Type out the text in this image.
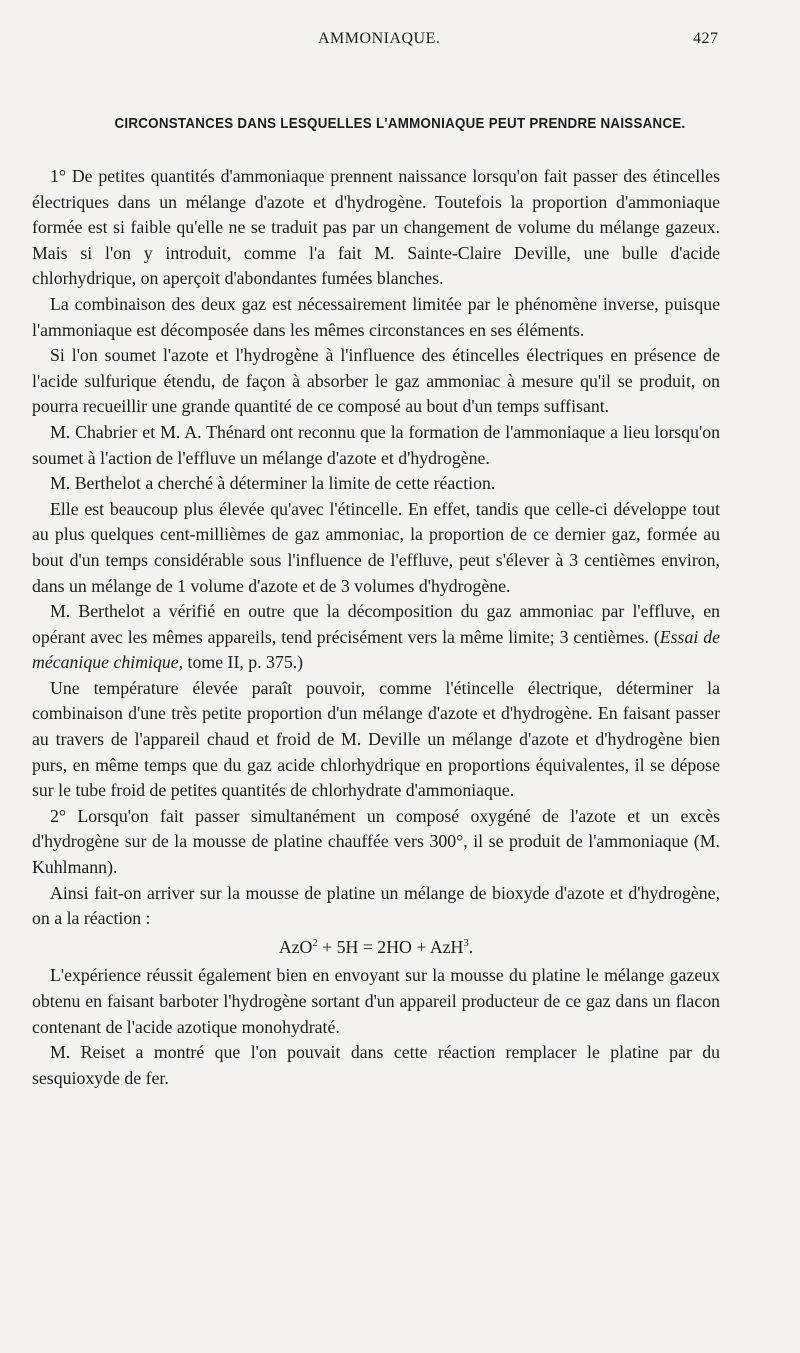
AMMONIAQUE.	427
CIRCONSTANCES DANS LESQUELLES L'AMMONIAQUE PEUT PRENDRE NAISSANCE.

1° De petites quantités d'ammoniaque prennent naissance lorsqu'on fait passer des étincelles électriques dans un mélange d'azote et d'hydrogène. Toutefois la proportion d'ammoniaque formée est si faible qu'elle ne se traduit pas par un changement de volume du mélange gazeux. Mais si l'on y introduit, comme l'a fait M. Sainte-Claire Deville, une bulle d'acide chlorhydrique, on aperçoit d'abondantes fumées blanches.

La combinaison des deux gaz est nécessairement limitée par le phénomène inverse, puisque l'ammoniaque est décomposée dans les mêmes circonstances en ses éléments.

Si l'on soumet l'azote et l'hydrogène à l'influence des étincelles électriques en présence de l'acide sulfurique étendu, de façon à absorber le gaz ammoniac à mesure qu'il se produit, on pourra recueillir une grande quantité de ce composé au bout d'un temps suffisant.

M. Chabrier et M. A. Thénard ont reconnu que la formation de l'ammoniaque a lieu lorsqu'on soumet à l'action de l'effluve un mélange d'azote et d'hydrogène.

M. Berthelot a cherché à déterminer la limite de cette réaction.

Elle est beaucoup plus élevée qu'avec l'étincelle. En effet, tandis que celle-ci développe tout au plus quelques cent-millièmes de gaz ammoniac, la proportion de ce dernier gaz, formée au bout d'un temps considérable sous l'influence de l'effluve, peut s'élever à 3 centièmes environ, dans un mélange de 1 volume d'azote et de 3 volumes d'hydrogène.

M. Berthelot a vérifié en outre que la décomposition du gaz ammoniac par l'effluve, en opérant avec les mêmes appareils, tend précisément vers la même limite; 3 centièmes. (Essai de mécanique chimique, tome II, p. 375.)

Une température élevée paraît pouvoir, comme l'étincelle électrique, déterminer la combinaison d'une très petite proportion d'un mélange d'azote et d'hydrogène. En faisant passer au travers de l'appareil chaud et froid de M. Deville un mélange d'azote et d'hydrogène bien purs, en même temps que du gaz acide chlorhydrique en proportions équivalentes, il se dépose sur le tube froid de petites quantités de chlorhydrate d'ammoniaque.

2° Lorsqu'on fait passer simultanément un composé oxygéné de l'azote et un excès d'hydrogène sur de la mousse de platine chauffée vers 300°, il se produit de l'ammoniaque (M. Kuhlmann).

Ainsi fait-on arriver sur la mousse de platine un mélange de bioxyde d'azote et d'hydrogène, on a la réaction :

AzO$^2$ + 5H = 2HO + AzH$^3$.

L'expérience réussit également bien en envoyant sur la mousse du platine le mélange gazeux obtenu en faisant barboter l'hydrogène sortant d'un appareil producteur de ce gaz dans un flacon contenant de l'acide azotique monohydraté.

M. Reiset a montré que l'on pouvait dans cette réaction remplacer le platine par du sesquioxyde de fer.
